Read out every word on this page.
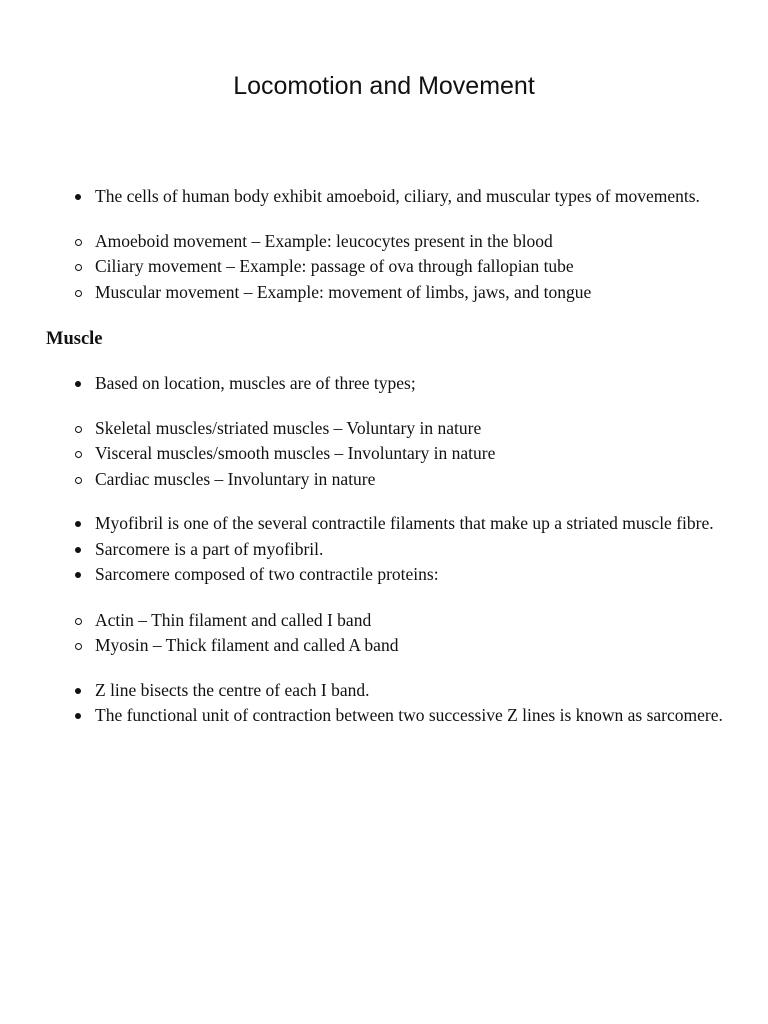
Locomotion and Movement
The cells of human body exhibit amoeboid, ciliary, and muscular types of movements.
Amoeboid movement – Example: leucocytes present in the blood
Ciliary movement – Example: passage of ova through fallopian tube
Muscular movement – Example: movement of limbs, jaws, and tongue
Muscle
Based on location, muscles are of three types;
Skeletal muscles/striated muscles – Voluntary in nature
Visceral muscles/smooth muscles – Involuntary in nature
Cardiac muscles – Involuntary in nature
Myofibril is one of the several contractile filaments that make up a striated muscle fibre.
Sarcomere is a part of myofibril.
Sarcomere composed of two contractile proteins:
Actin – Thin filament and called I band
Myosin – Thick filament and called A band
Z line bisects the centre of each I band.
The functional unit of contraction between two successive Z lines is known as sarcomere.
